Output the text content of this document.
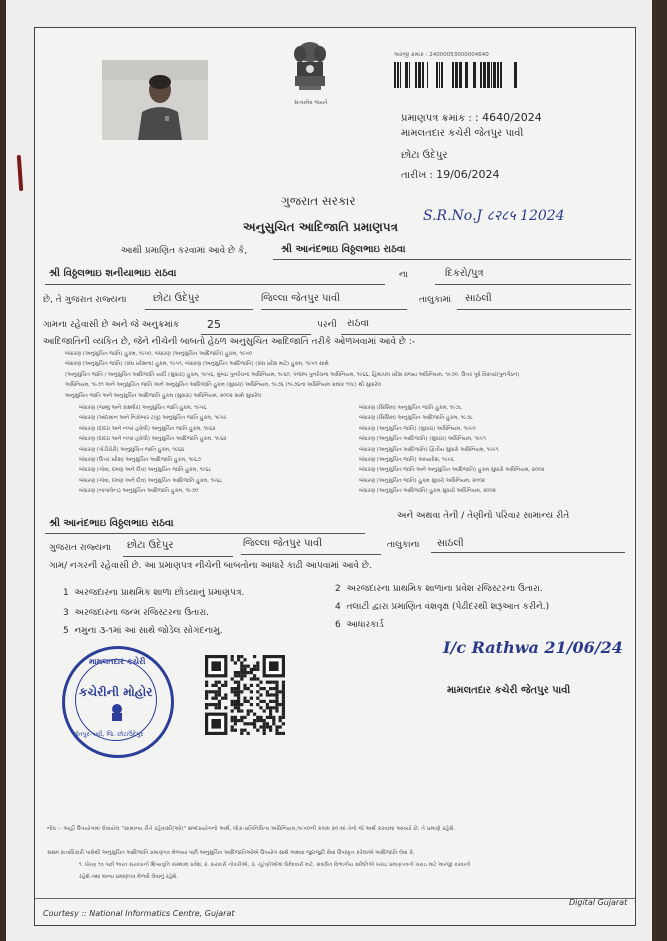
સત્યમેવ જયતે
અરજી ક્રમાંક : 24000053000004640
પ્રમાણપત્ર ક્રમાંક : : 4640/2024
મામલતદાર કચેરી જેતપુર પાવી
છોટા ઉદેપુર
તારીખ : 19/06/2024
ગુજરાત સરકાર
અનુસુચિત આદિજાતિ પ્રમાણપત્ર
S.R.No.J ८२८५ 12024
આથી પ્રમાણિત કરવામાં આવે છે કે,	શ્રી આનંદભાઇ વિઠ્ઠલભાઇ રાઠવા
શ્રી વિઠ્ઠલભાઇ શનીયાભાઇ રાઠવા	ના	દિકરો/પુત્ર
છે, તે ગુજરાત રાજ્યના	છોટા ઉદેપુર	જિલ્લા જેતપુર પાવી	તાલુકામાં સાઠલી
ગામના રહેવાસી છે અને જે અનુક્રમાંક	25	પરની રાઠવા
આદિજાતિની વ્યકિત છે, જેને નીચેની બાબતો હેઠળ અનુસુચિત આદિજાતિ તરીકે ઓળખવામાં આવે છે :-
બંધારણ (અનુસુચિત જાતિ) હુકમ, ૧૯૫૦, બંધારણ (અનુસુચિત આદિજાતિ) હુકમ, ૧૯૫૦
બંધારણ (અનુસુચિત જાતિ) (સંઘ પ્રદેશના) હુકમ, ૧૯૫૧, બંધારણ (અનુસુચિત આદિજાતિ) (સંઘ પ્રદેશ માટે) હુકમ, ૧૯૫૧ સાથે
(અનુસુચિત જાતિ / અનુસુચિત આદિજાતિ યાદી (સુધારા) હુકમ, ૧૯૫૬, મુંબઇ પુનર્રચના અધિનિયમ, ૧૯૬૦, પંજાબ પુનર્રચના અધિનિયમ, ૧૯૬૬, હિમાચલ પ્રદેશ રાજ્ય અધિનિયમ, ૧૯૭૦, ઉત્તર પૂર્વ વિસ્તાર(પુનર્ગઠન)
અધિનિયમ, ૧૯૭૧ અને અનુસુચિત જાતિ અને અનુસુચિત આદિજાતિ હુકમ (સુધારા) અધિનિયમ, ૧૯૭૬ (૧૯૭૬ના અધિનિયમ ક્રમાંક ૧૦૮) થી સુધારેલ
અનુસુચિત જાતિ અને અનુસુચિત આદિજાતિ હુકમ (સુધારા) અધિનિયમ, ૨૦૦૨ સાથે સુધારેલ
બંધારણ (જમ્મુ અને કાશ્મીર) અનુસુચિત જાતિ હુકમ, ૧૯૫૬
બંધારણ (અંદામાન અને નિકોબાર ટાપુ) અનુસુચિત જાતિ હુકમ, ૧૯૫૯
બંધારણ (દાદરા અને નગર હવેલી) અનુસુચિત જાતિ હુકમ, ૧૯૬૨
બંધારણ (દાદરા અને નગર હવેલી) અનુસુચિત આદિજાતિ હુકમ, ૧૯૬૨
બંધારણ (પોંડીચેરી) અનુસુચિત જાતિ હુકમ, ૧૯૬૪
બંધારણ (ઉત્તર પ્રદેશ) અનુસુચિત આદિજાતિ હુકમ, ૧૯૬૭
બંધારણ (ગોવા, દમણ અને દીવ) અનુસુચિત જાતિ હુકમ, ૧૯૬૮
બંધારણ (ગોવા, દમણ અને દીવ) અનુસુચિત આદિજાતિ હુકમ, ૧૯૬૮
બંધારણ (નાગાલેન્ડ) અનુસુચિત આદિજાતિ હુકમ, ૧૯૭૦
બંધારણ (સિક્કિમ) અનુસુચિત જાતિ હુકમ, ૧૯૭૮
બંધારણ (સિક્કિમ) અનુસુચિત આદિજાતિ હુકમ, ૧૯૭૮
બંધારણ (અનુસુચિત જાતિ) (સુધારા) અધિનિયમ, ૧૯૯૦
બંધારણ (અનુસુચિત આદિજાતિ) (સુધારા) અધિનિયમ, ૧૯૯૧
બંધારણ (અનુસુચિત આદિજાતિ) દ્વિતીય સુધારો અધિનિયમ, ૧૯૯૧
બંધારણ (અનુસુચિત જાતિ) અધ્યાદેશ, ૧૯૯૬
બંધારણ (અનુસુચિત જાતિ અને અનુસુચિત આદિજાતિ) હુકમ સુધારો અધિનિયમ, ૨૦૦૨
બંધારણ (અનુસુચિત જાતિ) હુકમ સુધારો અધિનિયમ, ૨૦૦૨
બંધારણ (અનુસુચિત આદિજાતિ) હુકમ સુધારો અધિનિયમ, ૨૦૦૨
શ્રી આનંદભાઇ વિઠ્ઠલભાઇ રાઠવા
અને અથવા તેની / તેણીનો પરિવાર સામાન્ય રીતે
ગુજરાત રાજ્યના છોટા ઉદેપુર	જિલ્લા જેતપુર પાવી	તાલુકાના સાઠલી
ગામ/ નગરની રહેવાસી છે. આ પ્રમાણપત્ર નીચેની બાબતોના આધારે કાઢી આપવામાં આવે છે.
1 અરજદારના પ્રાથમિક શાળા છોડયાનું પ્રમાણપત્ર.	2 અરજદારના પ્રાથમિક શાળાના પ્રવેશ રજિસ્ટરના ઉતારા.
3 અરજદારના જન્મ રજિસ્ટરના ઉતારા.
4 તલાટી દ્વારા પ્રમાણિત વંશવૃક્ષ (પેઢીદરથી શરૂઆત કરીને.)
5 નમુના ૩-૧માં આ સાથે જોડેલ સોગંદનામુ.
6 આધારકાર્ડ
મામલતદાર કચેરી
કચેરીની મોહોર
જેતપુર-પાવી, જિ. છોટાઉદેપુર
I/c Rathwa 21/06/24
મામલતદાર કચેરી જેતપુર પાવી
નોંધ :- અહીં ઉપયોગમાં લેવાયેલ "સામાન્ય રીતે રહેવાસી(ઓ)" શબ્દપ્રયોગનો અર્થ, લોક-પ્રતિનિધિત્વ અધિનિયમ,૧૯૫૦ની કલમ ૨૦-માં તેનો જે અર્થ કરવામાં આવ્યો છે, તે પ્રમાણે રહેશે.
સક્ષમ સત્તાધિકારી પાસેથી અનુસુચિત આદિજાતિ પ્રમાણપત્ર મેળવ્યા પછી અનુસુચિત આદિજાતિઓએ ઉપયોગ સાથે અથવા જુદાજુદી સેવા ઉપસ્કૃત કરેલાએ આદિજાતિ લેવા કે,
૧. ધોરણ ૧૦ પછી ભારત સરકારની શિષ્યવૃત્તિ સંસ્થામાં પ્રવેશ, ૨. સરકારી નોકરીઓ, ૩. ચૂંટણીઓમાં ઉમેદવારી માટે, સંબંધિત વિભાગીય સમિતિએ ખરાઇ પ્રમાણપત્રની ખરાઇ માટે અરજી કરવાની
રહેશે તથા માન્ય પ્રમાણપત્ર મેળવી લેવાનું રહેશે.
Courtesy :: National Informatics Centre, Gujarat
Digital Gujarat
